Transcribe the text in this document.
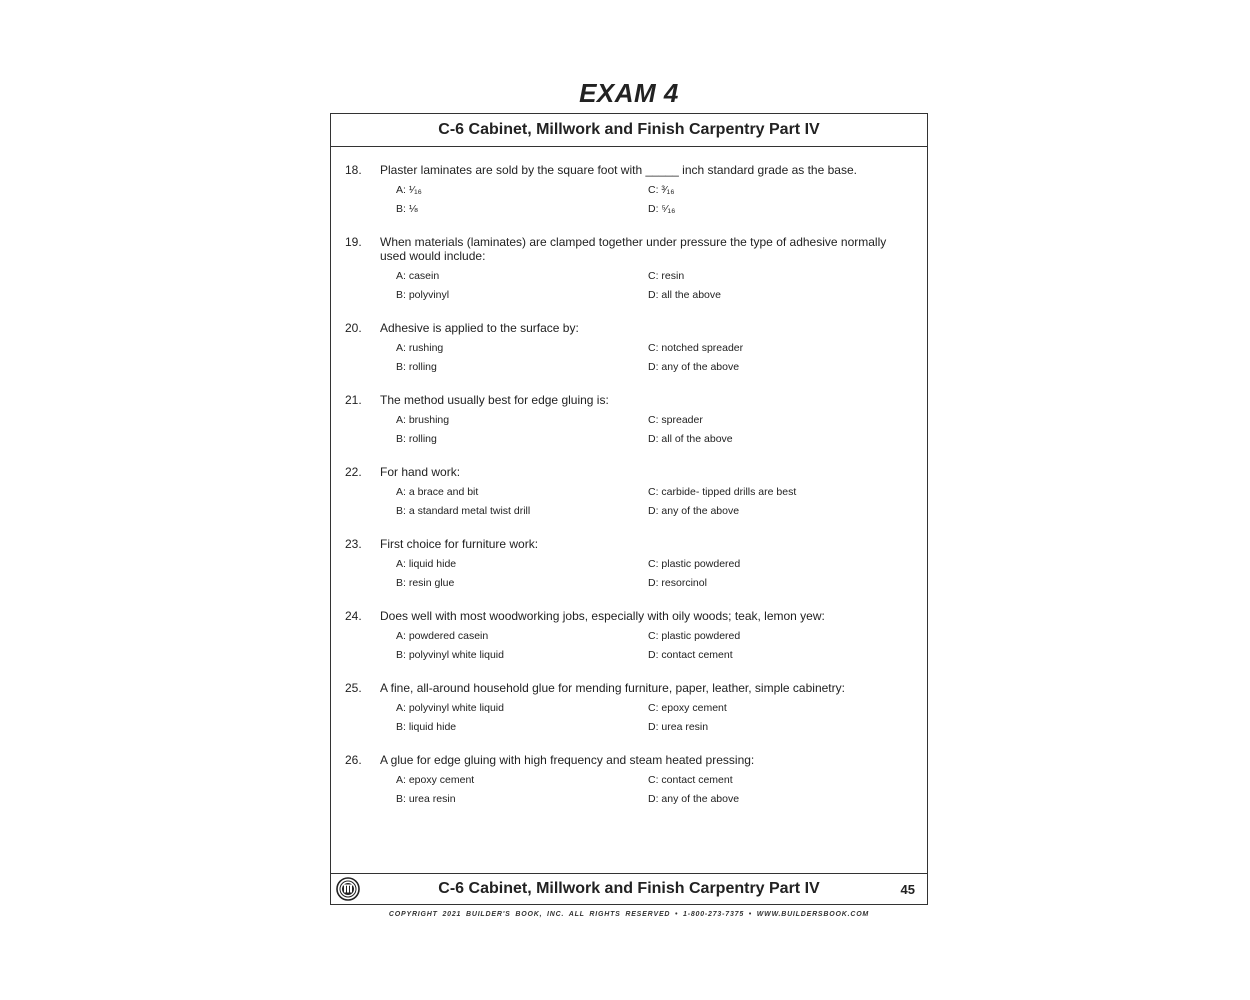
EXAM 4
C-6 Cabinet, Millwork and Finish Carpentry Part IV
18.	Plaster laminates are sold by the square foot with _____ inch standard grade as the base.
A: ¹⁄₁₆	C: ³⁄₁₆
B: ⅛	D: ⁵⁄₁₆
19.	When materials (laminates) are clamped together under pressure the type of adhesive normally used would include:
A: casein	C: resin
B: polyvinyl	D: all the above
20.	Adhesive is applied to the surface by:
A: rushing	C: notched spreader
B: rolling	D: any of the above
21.	The method usually best for edge gluing is:
A: brushing	C: spreader
B: rolling	D: all of the above
22.	For hand work:
A: a brace and bit	C: carbide- tipped drills are best
B: a standard metal twist drill	D: any of the above
23.	First choice for furniture work:
A: liquid hide	C: plastic powdered
B: resin glue	D: resorcinol
24.	Does well with most woodworking jobs, especially with oily woods; teak, lemon yew:
A: powdered casein	C: plastic powdered
B: polyvinyl white liquid	D: contact cement
25.	A fine, all-around household glue for mending furniture, paper, leather, simple cabinetry:
A: polyvinyl white liquid	C: epoxy cement
B: liquid hide	D: urea resin
26.	A glue for edge gluing with high frequency and steam heated pressing:
A: epoxy cement	C: contact cement
B: urea resin	D: any of the above
C-6 Cabinet, Millwork and Finish Carpentry Part IV	45
COPYRIGHT 2021 BUILDER'S BOOK, INC. ALL RIGHTS RESERVED • 1-800-273-7375 • WWW.BUILDERSBOOK.COM
